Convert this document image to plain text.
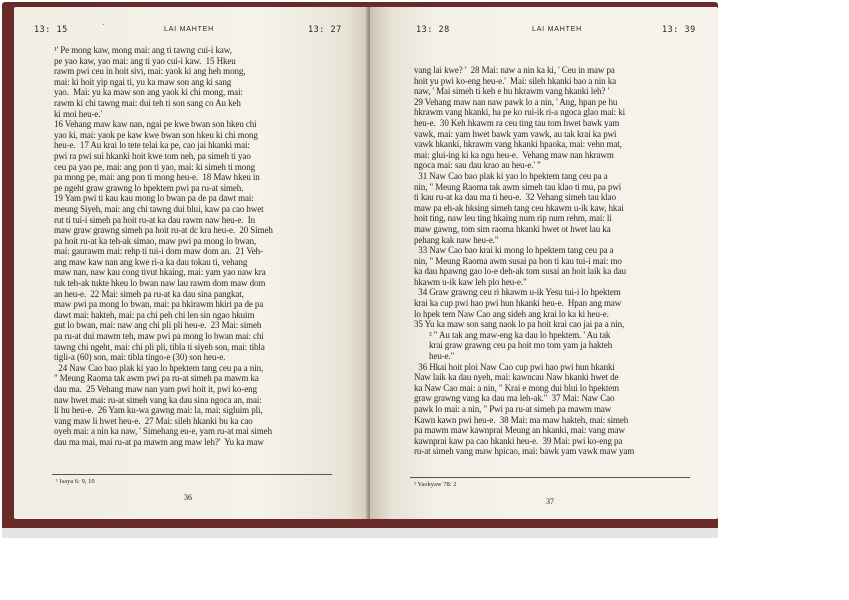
13: 15	LAI MAHTEH	13: 27
¹' Pe mong kaw, mong mai: ang ti tawng cui-i kaw,
pe yao kaw, yao mai: ang ti yao cui-i kaw.  15 Hkeu
rawm pwi ceu in hoit sivi, mai: yaok ki ang heh mong,
mai: ki hoit yip ngai ti, yu ka maw son ang ki sang
yao.  Mai: yu ka maw son ang yaok ki chi mong, mai:
rawm ki chi tawng mai: dui teh ti son sang co Au keh
ki moi heu-e.'
16 Vehang maw kaw nan, ngai pe kwe bwan son hkeu chi
yao ki, mai: yaok pe kaw kwe bwan son hkeu ki chi mong
heu-e.  17 Au krai lo tete telai ka pe, cao jai hkanki mai:
pwi ra pwi sui hkanki hoit kwe tom neh, pa simeh ti yao
ceu pa yao pe, mai: ang pon ti yao, mai: ki simeh ti mong
pa mong pe, mai: ang pon ti mong heu-e.  18 Maw hkeu in
pe ngeht graw grawng lo hpektem pwi pa ru-at simeh.
19 Yam pwi ti kau kau mong lo bwan pa de pa dawt mai:
meung Siyeh, mai: ang chi tawng dui blui, kaw pa cao hwet
rut ti tui-i simeh pa hoit ru-at ka dau rawm naw heu-e.  In
maw graw grawng simeh pa hoit ru-at dc kra heu-e.  20 Simeh
pa hoit ru-at ka teh-ak simao, maw pwi pa mong lo bwan,
mai: gaurawm mai: rehp ti tui-i dom maw dom an.  21 Veh-
ang maw kaw nan ang kwe ri-a ka dau tokau ti, vehang
maw nan, naw kau cong tivut hkaing, mai: yam yao naw kra
tuk teh-ak tukte hkeu lo bwan naw lau rawm dom maw dom
an heu-e.  22 Mai: simeh pa ru-at ka dau sina pangkat,
maw pwi pa mong lo bwan, mai: pa hkirawm hkiri pa de pa
dawt mai: hakteh, mai: pa chi peh chi len sin ngao hkuim
gut lo bwan, mai: naw ang chi pli pli heu-e.  23 Mai: simeh
pa ru-at dui mawm teh, maw pwi pa mong lo bwan mai: chi
tawng chi ngeht, mai: chi pli pli, tibla ti siyeh son, mai: tibla
tigli-a (60) son, mai: tibla tingo-e (30) son heu-e.
24 Naw Cao bao plak ki yao lo hpektem tang ceu pa a nin,
" Meung Raoma tak awm pwi pa ru-at simeh pa mawm ka
dau ma.  25 Vehang maw nan yam pwi hoit it, pwi ko-eng
naw hwet mai: ru-at simeh vang ka dau sina ngoca an, mai:
li hu heu-e.  26 Yam ku-wa gawng mai: la, mai: sigluim pli,
vang maw li hwet heu-e.  27 Mai: sileh hkanki bu ka cao
oyeh mai: a nin ka naw, ' Simehang eu-e, yam ru-at mai simeh
dau ma mai, mai ru-at pa mawm ang maw leh?'  Yu ka maw
·
¹ Isaya 6: 9, 10
36
13: 28	LAI MAHTEH	13: 39
vang lai kwe? '  28 Mai: naw a nin ka ki, ' Ceu in maw pa
hoit yu pwi ko-eng heu-e.'  Mai: sileh hkanki bao a nin ka
naw, ' Mai simeh ti keh e hu hkrawm vang hkanki leh? '
29 Vehang maw nan naw pawk lo a nin, ' Ang, hpan pe hu
hkrawm vang hkanki, ha pe ko rui-ik ri-a ngoca glao mai: ki
heu-e.  30 Keh hkawm ra ceu ting tau tom hwet bawk yam
vawk, mai: yam hwet bawk yam vawk, au tak krai ka pwi
vawk hkanki, hkrawm vang hkanki hpaoka, mai: vehn mat,
mai: glui-ing ki ka ngu heu-e.  Vehang maw nan hkrawm
ngoca mai: sau dau krao au heu-e.' "
31 Naw Cao bao plak ki yao lo hpektem tang ceu pa a
nin, " Meung Raoma tak awm simeh tau klao ti mu, pa pwi
ti kau ru-at ka dau ma ti heu-e.  32 Vehang simeh tau klao
maw pa eh-ak hksing simeh tang ceu hkawm u-ik kaw, hkai
hoit ting, naw leu ting hkaing num rip num rehm, mai: li
maw gawng, tom sim raoma hkanki hwet ot hwet lau ka
pehang kak naw heu-e."
33 Naw Cao bao krai ki mong lo hpektem tang ceu pa a
nin, " Meung Raoma awm susai pa bon ti kau tui-i mai: mo
ka dau hpawng gao lo-e deh-ak tom susai an hoit laik ka dau
hkawm u-ik kaw leh plo heu-e."
34 Graw grawng ceu ri hkawm u-ik Yesu tui-i lo hpektem
krai ka cup pwi hao pwi hun hkanki heu-e.  Hpan ang maw
lo hpek tem Naw Cao ang sideh ang krai lo ka ki heu-e.
35 Yu ka maw son sang naok lo pa hoit krai cao jai pa a nin,
² " Au tak ang maw-eng ka dau lo hpektem. ' Au tak
krai graw grawng ceu pa hoit mo tom yam ja hakteh
heu-e."
36 Hkai hoit ploi Naw Cao cup pwi hao pwi hun hkanki
Naw laik ka dau nyeh, mai: kawncau Naw hkanki hwet de
ka Naw Cao mai: a nin, " Krai e mong dui blui lo hpektem
graw grawng vang ka dau ma leh-ak."  37 Mai: Naw Cao
pawk lo mai: a nin, " Pwi pa ru-at simeh pa mawm maw
Kawn kawn pwi heu-e.  38 Mai: ma maw hakteh, mai: simeh
pa mawm maw kawnprai Meung an hkanki, mai: vang maw
kawnprai kaw pa cao hkanki heu-e.  39 Mai: pwi ko-eng pa
ru-at simeh vang maw hpicao, mai: bawk yam vawk maw yam
² Yaokyaw 78: 2
37
